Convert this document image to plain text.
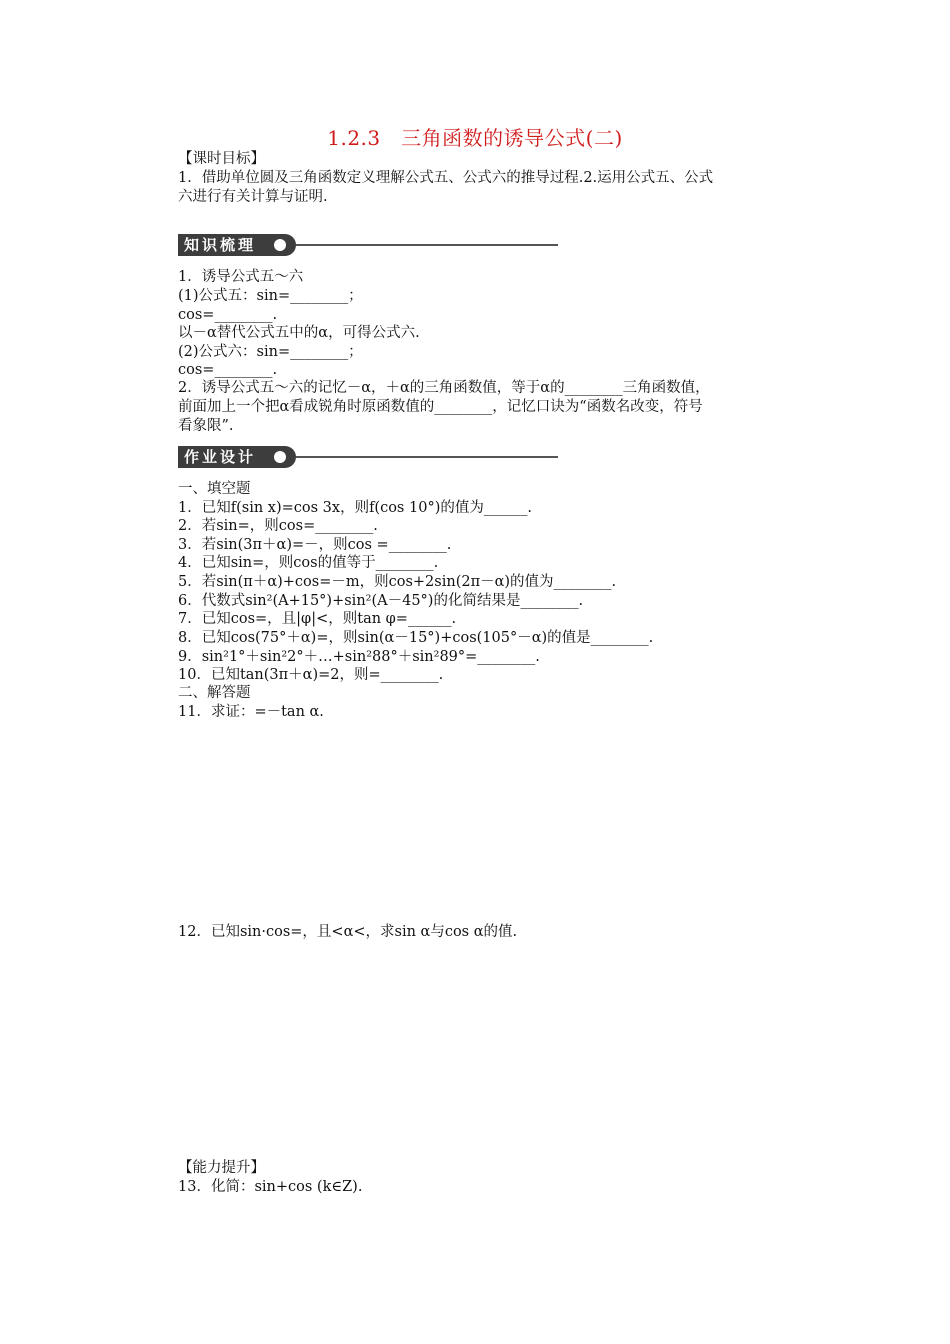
1.2.3　三角函数的诱导公式(二)
【课时目标】
1．借助单位圆及三角函数定义理解公式五、公式六的推导过程.2.运用公式五、公式
六进行有关计算与证明.
知识梳理
1．诱导公式五～六
(1)公式五：sin=________；
cos=________.
以－α替代公式五中的α，可得公式六.
(2)公式六：sin=________；
cos=________.
2．诱导公式五～六的记忆－α，＋α的三角函数值，等于α的________三角函数值，
前面加上一个把α看成锐角时原函数值的________，记忆口诀为“函数名改变，符号
看象限”.
作业设计
一、填空题
1．已知f(sin x)=cos 3x，则f(cos 10°)的值为______.
2．若sin=，则cos=________.
3．若sin(3π＋α)=－，则cos =________.
4．已知sin=，则cos的值等于________.
5．若sin(π＋α)+cos=－m，则cos+2sin(2π－α)的值为________.
6．代数式sin²(A+15°)+sin²(A－45°)的化简结果是________.
7．已知cos=，且|φ|<，则tan φ=______.
8．已知cos(75°＋α)=，则sin(α－15°)+cos(105°－α)的值是________.
9．sin²1°＋sin²2°＋…+sin²88°＋sin²89°=________.
10．已知tan(3π＋α)=2，则=________.
二、解答题
11．求证：=－tan α.
12．已知sin·cos=，且<α<，求sin α与cos α的值.
【能力提升】
13．化简：sin+cos (k∈Z).
